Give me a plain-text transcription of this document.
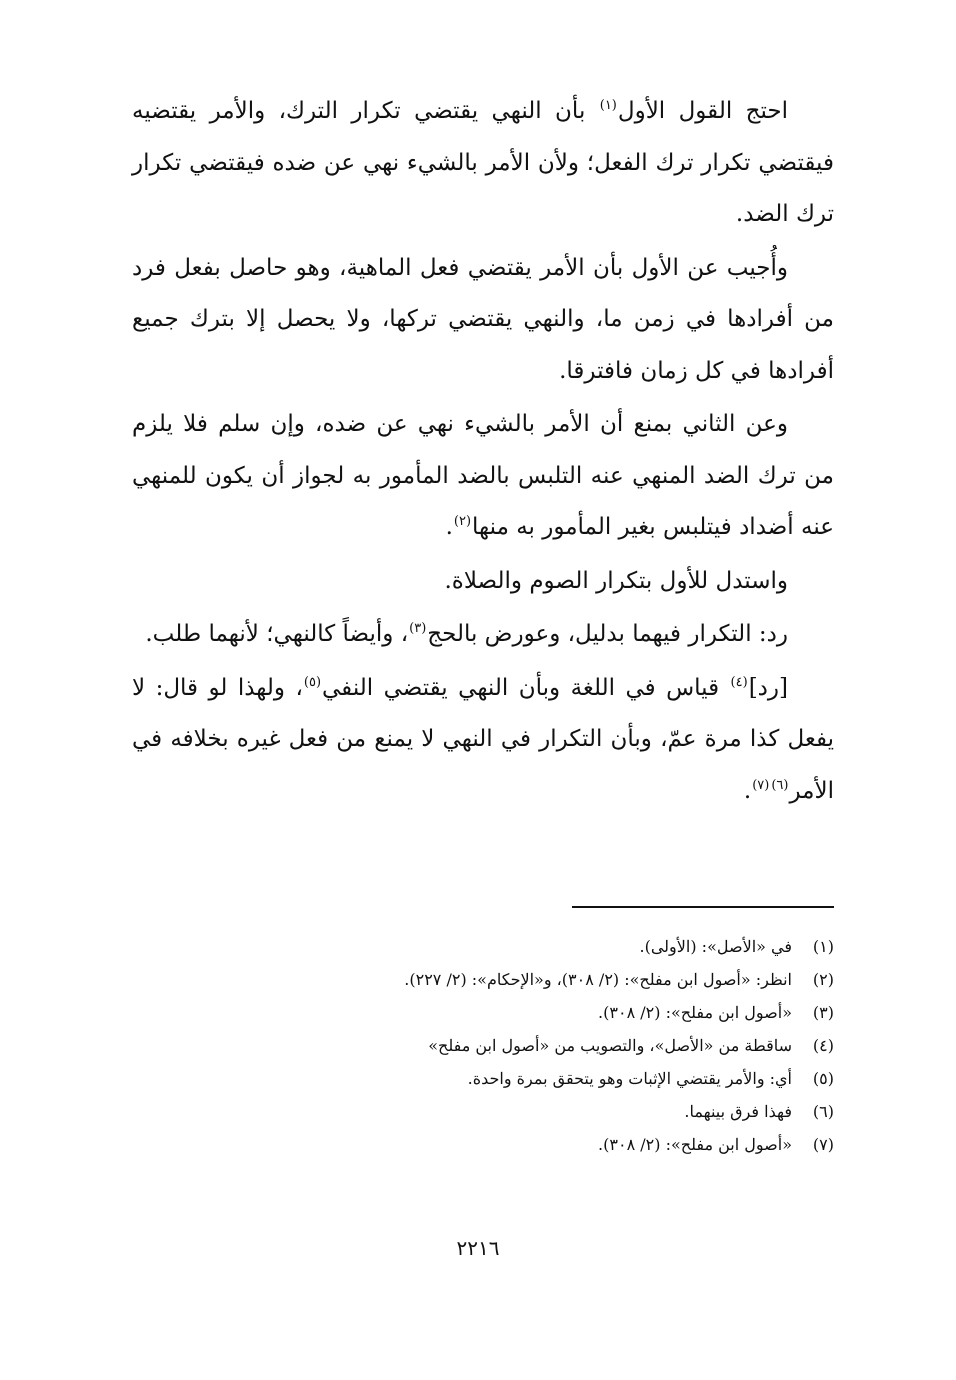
احتج القول الأول$^{(١)}$ بأن النهي يقتضي تكرار الترك، والأمر يقتضيه فيقتضي تكرار ترك الفعل؛ ولأن الأمر بالشيء نهي عن ضده فيقتضي تكرار ترك الضد.

وأُجيب عن الأول بأن الأمر يقتضي فعل الماهية، وهو حاصل بفعل فرد من أفرادها في زمن ما، والنهي يقتضي تركها، ولا يحصل إلا بترك جميع أفرادها في كل زمان فافترقا.

وعن الثاني بمنع أن الأمر بالشيء نهي عن ضده، وإن سلم فلا يلزم من ترك الضد المنهي عنه التلبس بالضد المأمور به لجواز أن يكون للمنهي عنه أضداد فيتلبس بغير المأمور به منها$^{(٢)}$.

واستدل للأول بتكرار الصوم والصلاة.

رد: التكرار فيهما بدليل، وعورض بالحج$^{(٣)}$، وأيضاً كالنهي؛ لأنهما طلب.

[رد]$^{(٤)}$ قياس في اللغة وبأن النهي يقتضي النفي$^{(٥)}$، ولهذا لو قال: لا يفعل كذا مرة عمّ، وبأن التكرار في النهي لا يمنع من فعل غيره بخلافه في الأمر$^{(٦)(٧)}$.

(١)
في «الأصل»: (الأولى).
(٢)
انظر: «أصول ابن مفلح»: (٢/ ٣٠٨)، و«الإحكام»: (٢/ ٢٢٧).
(٣)
«أصول ابن مفلح»: (٢/ ٣٠٨).
(٤)
ساقطة من «الأصل»، والتصويب من «أصول ابن مفلح»
(٥)
أي: والأمر يقتضي الإثبات وهو يتحقق بمرة واحدة.
(٦)
فهذا فرق بينهما.
(٧)
«أصول ابن مفلح»: (٢/ ٣٠٨).
٢٢١٦
